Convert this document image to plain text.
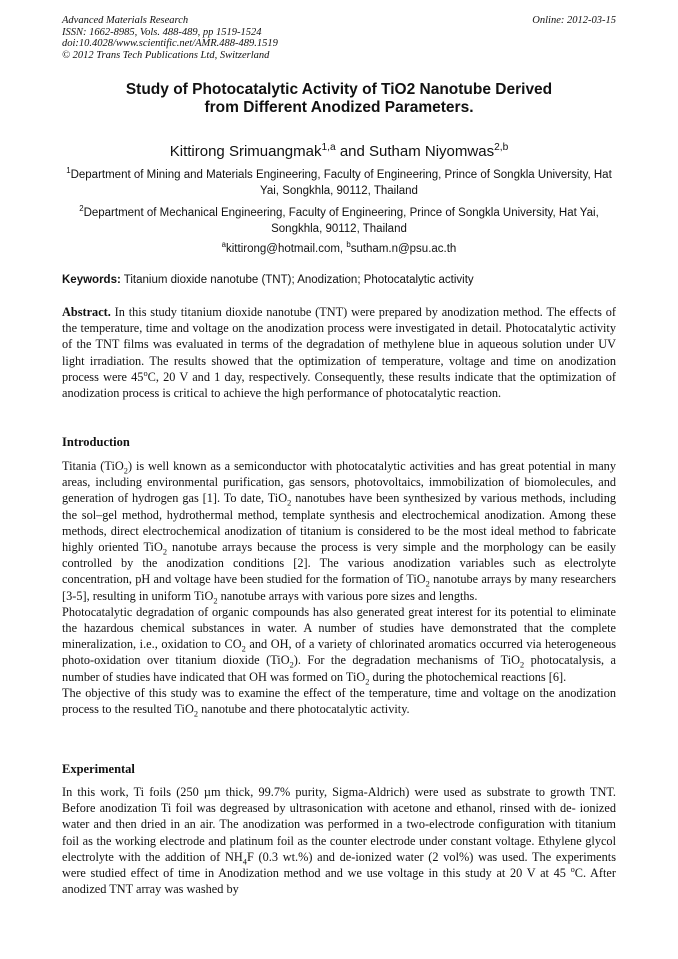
Advanced Materials Research
ISSN: 1662-8985, Vols. 488-489, pp 1519-1524
doi:10.4028/www.scientific.net/AMR.488-489.1519
© 2012 Trans Tech Publications Ltd, Switzerland
Online: 2012-03-15
Study of Photocatalytic Activity of TiO2 Nanotube Derived
from Different Anodized Parameters.
Kittirong Srimuangmak$^{1,a}$ and Sutham Niyomwas$^{2,b}$
$^1$Department of Mining and Materials Engineering, Faculty of Engineering, Prince of Songkla University, Hat Yai, Songkhla, 90112, Thailand
$^2$Department of Mechanical Engineering, Faculty of Engineering, Prince of Songkla University, Hat Yai, Songkhla, 90112, Thailand
$^a$kittirong@hotmail.com, $^b$sutham.n@psu.ac.th
Keywords: Titanium dioxide nanotube (TNT); Anodization; Photocatalytic activity

Abstract. In this study titanium dioxide nanotube (TNT) were prepared by anodization method. The effects of the temperature, time and voltage on the anodization process were investigated in detail. Photocatalytic activity of the TNT films was evaluated in terms of the degradation of methylene blue in aqueous solution under UV light irradiation. The results showed that the optimization of temperature, voltage and time on anodization process were 45$^o$C, 20 V and 1 day, respectively. Consequently, these results indicate that the optimization of anodization process is critical to achieve the high performance of photocatalytic reaction.

Introduction

Titania (TiO$_2$) is well known as a semiconductor with photocatalytic activities and has great potential in many areas, including environmental purification, gas sensors, photovoltaics, immobilization of biomolecules, and generation of hydrogen gas [1]. To date, TiO$_2$ nanotubes have been synthesized by various methods, including the sol–gel method, hydrothermal method, template synthesis and electrochemical anodization. Among these methods, direct electrochemical anodization of titanium is considered to be the most ideal method to fabricate highly oriented TiO$_2$ nanotube arrays because the process is very simple and the morphology can be easily controlled by the anodization conditions [2]. The various anodization variables such as electrolyte concentration, pH and voltage have been studied for the formation of TiO$_2$ nanotube arrays by many researchers [3-5], resulting in uniform TiO$_2$ nanotube arrays with various pore sizes and lengths.

Photocatalytic degradation of organic compounds has also generated great interest for its potential to eliminate the hazardous chemical substances in water. A number of studies have demonstrated that the complete mineralization, i.e., oxidation to $CO_2$ and OH, of a variety of chlorinated aromatics occurred via heterogeneous photo-oxidation over titanium dioxide (TiO$_2$). For the degradation mechanisms of TiO$_2$ photocatalysis, a number of studies have indicated that OH was formed on TiO$_2$ during the photochemical reactions [6].

The objective of this study was to examine the effect of the temperature, time and voltage on the anodization process to the resulted TiO$_2$ nanotube and there photocatalytic activity.

Experimental

In this work, Ti foils (250 µm thick, 99.7% purity, Sigma-Aldrich) were used as substrate to growth TNT. Before anodization Ti foil was degreased by ultrasonication with acetone and ethanol, rinsed with de- ionized water and then dried in an air. The anodization was performed in a two-electrode configuration with titanium foil as the working electrode and platinum foil as the counter electrode under constant voltage. Ethylene glycol electrolyte with the addition of $NH_4F$ (0.3 wt.%) and de-ionized water (2 vol%) was used. The experiments were studied effect of time in Anodization method and we use voltage in this study at 20 V at 45 $^o$C. After anodized TNT array was washed by
